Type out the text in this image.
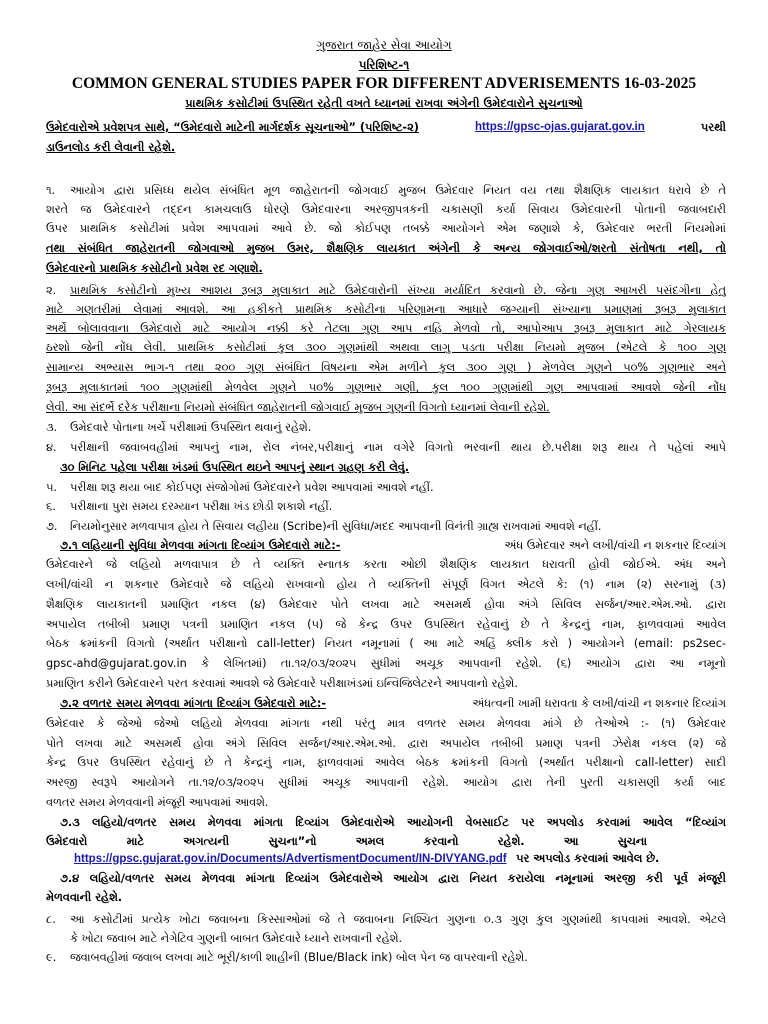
ગુજરાત જાહેર સેવા આયોગ
પરિશિષ્ટ-૧
COMMON GENERAL STUDIES PAPER FOR DIFFERENT ADVERISEMENTS 16-03-2025
પ્રાથમિક કસોટીમાં ઉપસ્થિત રહેતી વખતે ધ્યાનમાં રાખવા અંગેની ઉમેદવારોને સુચનાઓ
ઉમેદવારોએ પ્રવેશપત્ર સાથે, “ઉમેદવારો માટેની માર્ગદર્શક સૂચનાઓ” (પરિશિષ્ટ-૨)	https://gpsc-ojas.gujarat.gov.in	પરથી
ડાઉનલોડ કરી લેવાની રહેશે.
૧.	આયોગ દ્વારા પ્રસિધ્ધ થયેલ સંબંધિત મૂળ જાહેરાતની જોગવાઈ મુજબ ઉમેદવાર નિયત વય તથા શૈક્ષણિક લાયકાત ધરાવે છે તે
શરતે જ ઉમેદવારને તદ્દન કામચલાઉ ધોરણે ઉમેદવારના અરજીપત્રકની ચકાસણી કર્યા સિવાય ઉમેદવારની પોતાની જવાબદારી
ઉપર પ્રાથમિક કસોટીમાં પ્રવેશ આપવામાં આવે છે. જો કોઈપણ તબક્કે આયોગને એમ જણાશે કે, ઉમેદવાર ભરતી નિયમોમાં
તથા સંબંધિત જાહેરાતની જોગવાઓ મુજબ ઉંમર, શૈક્ષણિક લાયકાત અંગેની કે અન્ય જોગવાઈઓ/શરતો સંતોષતા નથી, તો
ઉમેદવારનો પ્રાથમિક કસોટીનો પ્રવેશ રદ ગણાશે.
૨.	પ્રાથમિક કસોટીનો મુખ્ય આશય રૂબરૂ મુલાકાત માટે ઉમેદવારોની સંખ્યા મર્યાદિત કરવાનો છે. જેના ગુણ આખરી પસંદગીના હેતુ
માટે ગણતરીમાં લેવામાં આવશે. આ હકીકતે પ્રાથમિક કસોટીના પરિણામના આધારે જગ્યાની સંખ્યાના પ્રમાણમાં રૂબરૂ મુલાકાત
અર્થે બોલાવવાના ઉમેદવારો માટે આયોગ નક્કી કરે તેટલા ગુણ આપ નહિ મેળવો તો, આપોઆપ રૂબરૂ મુલાકાત માટે ગેરલાયક
ઠરશો જેની નોંધ લેવી. પ્રાથમિક કસોટીમાં કુલ ૩૦૦ ગુણમાંથી અથવા લાગુ પડતા પરીક્ષા નિયમો મુજબ (એટલે કે ૧૦૦ ગુણ
સામાન્ય અભ્યાસ ભાગ-૧ તથા ૨૦૦ ગુણ સંબંધિત વિષયના એમ મળીને કુલ ૩૦૦ ગુણ ) મેળવેલ ગુણને ૫૦% ગુણભાર અને
રૂબરૂ મુલાકાતમાં ૧૦૦ ગુણમાંથી મેળવેલ ગુણને ૫૦% ગુણભાર ગણી, કુલ ૧૦૦ ગુણમાંથી ગુણ આપવામાં આવશે જેની નોંધ
લેવી. આ સંદર્ભે દરેક પરીક્ષાના નિયમો સંબંધિત જાહેરાતની જોગવાઈ મુજબ ગુણની વિગતો ધ્યાનમાં લેવાની રહેશે.
૩.	ઉમેદવારે પોતાના ખર્ચે પરીક્ષામાં ઉપસ્થિત થવાનું રહેશે.
૪.	પરીક્ષાની જવાબવહીમાં આપનું નામ, રોલ નંબર,પરીક્ષાનું નામ વગેરે વિગતો ભરવાની થાય છે.પરીક્ષા શરૂ થાય તે પહેલાં આપે
૩૦ મિનિટ પહેલા પરીક્ષા ખંડમાં ઉપસ્થિત થઇને આપનું સ્થાન ગ્રહણ કરી લેવું.
૫.	પરીક્ષા શરૂ થયા બાદ કોઈપણ સંજોગોમાં ઉમેદવારને પ્રવેશ આપવામાં આવશે નહીં.
૬.	પરીક્ષાના પુરા સમય દરમ્યાન પરીક્ષા ખંડ છોડી શકાશે નહીં.
૭.	નિયમોનુસાર મળવાપાત્ર હોય તે સિવાય લહીયા (Scribe)ની સુવિધા/મદદ આપવાની વિનંતી ગ્રાહ્ય રાખવામાં આવશે નહીં.
૭.૧ લહિયાની સુવિધા મેળવવા માંગતા દિવ્યાંગ ઉમેદવારો માટે:-	અંધ ઉમેદવાર અને લખી/વાંચી ન શકનાર દિવ્યાંગ
ઉમેદવારને જે લહિયો મળવાપાત્ર છે તે વ્યક્તિ સ્નાતક કરતા ઓછી શૈક્ષણિક લાયકાત ધરાવતી હોવી જોઈએ. અંધ અને
લખી/વાંચી ન શકનાર ઉમેદવારે જે લહિયો રાખવાનો હોય તે વ્યક્તિની સંપૂર્ણ વિગત એટલે કે: (૧) નામ (૨) સરનામું (૩)
શૈક્ષણિક લાયકાતની પ્રમાણિત નકલ (૪) ઉમેદવાર પોતે લખવા માટે અસમર્થ હોવા અંગે સિવિલ સર્જન/આર.એમ.ઓ. દ્વારા
અપાયેલ તબીબી પ્રમાણ પત્રની પ્રમાણિત નકલ (૫) જે કેન્દ્ર ઉપર ઉપસ્થિત રહેવાનું છે તે કેન્દ્રનું નામ, ફાળવવામાં આવેલ
બેઠક ક્રમાંકની વિગતો (અર્થાત પરીક્ષાનો call-letter) નિયત નમૂનામાં ( આ માટે અહિં ક્લીક કરો ) આયોગને (email: ps2sec-
gpsc-ahd@gujarat.gov.in કે લેખિતમાં) તા.૧૨/૦૩/૨૦૨૫ સુધીમાં અચૂક આપવાની રહેશે. (૬) આયોગ દ્વારા આ નમૂનો
પ્રમાણિત કરીને ઉમેદવારને પરત કરવામાં આવશે જે ઉમેદવારે પરીક્ષાખંડમાં ઇન્વિજિલેટરને આપવાનો રહેશે.
૭.૨ વળતર સમય મેળવવા માંગતા દિવ્યાંગ ઉમેદવારો માટે:-	અંધત્વની ખામી ધરાવતા કે લખી/વાંચી ન શકનાર દિવ્યાંગ
ઉમેદવાર કે જેઓ જેઓ લહિયો મેળવવા માંગતા નથી પરંતુ માત્ર વળતર સમય મેળવવા માંગે છે તેઓએ :- (૧) ઉમેદવાર
પોતે લખવા માટે અસમર્થ હોવા અંગે સિવિલ સર્જન/આર.એમ.ઓ. દ્વારા અપાયેલ તબીબી પ્રમાણ પત્રની ઝેરોક્ષ નકલ (૨) જે
કેન્દ્ર ઉપર ઉપસ્થિત રહેવાનું છે તે કેન્દ્રનું નામ, ફાળવવામાં આવેલ બેઠક ક્રમાંકની વિગતો (અર્થાત પરીક્ષાનો call-letter) સાદી
અરજી સ્વરૂપે આયોગને તા.૧૨/૦૩/૨૦૨૫ સુધીમાં અચૂક આપવાની રહેશે. આયોગ દ્વારા તેની પુરતી ચકાસણી કર્યા બાદ
વળતર સમય મેળવવાની મંજૂરી આપવામાં આવશે.
૭.૩ લહિયો/વળતર સમય મેળવવા માંગતા દિવ્યાંગ ઉમેદવારોએ આયોગની વેબસાઈટ પર અપલોડ કરવામાં આવેલ “દિવ્યાંગ
ઉમેદવારો          માટે          અગત્યની          સુચના”નો          અમલ          કરવાનો          રહેશે.          આ          સુચના
https://gpsc.gujarat.gov.in/Documents/AdvertismentDocument/IN-DIVYANG.pdf પર અપલોડ કરવામાં આવેલ છે.
૭.૪ લહિયો/વળતર સમય મેળવવા માંગતા દિવ્યાંગ ઉમેદવારોએ આયોગ દ્વારા નિયત કરાયેલા નમૂનામાં અરજી કરી પૂર્વ મંજૂરી
મેળવવાની રહેશે.
૮.	આ કસોટીમાં પ્રત્યેક ખોટા જવાબના કિસ્સાઓમાં જે તે જવાબના નિશ્ચિત ગુણના ૦.૩ ગુણ કુલ ગુણમાંથી કાપવામાં આવશે. એટલે
કે ખોટા જવાબ માટે નેગેટિવ ગુણની બાબત ઉમેદવારે ધ્યાને રાખવાની રહેશે.
૯.	જવાબવહીમાં જવાબ લખવા માટે ભૂરી/કાળી શાહીની (Blue/Black ink) બોલ પેન જ વાપરવાની રહેશે.
